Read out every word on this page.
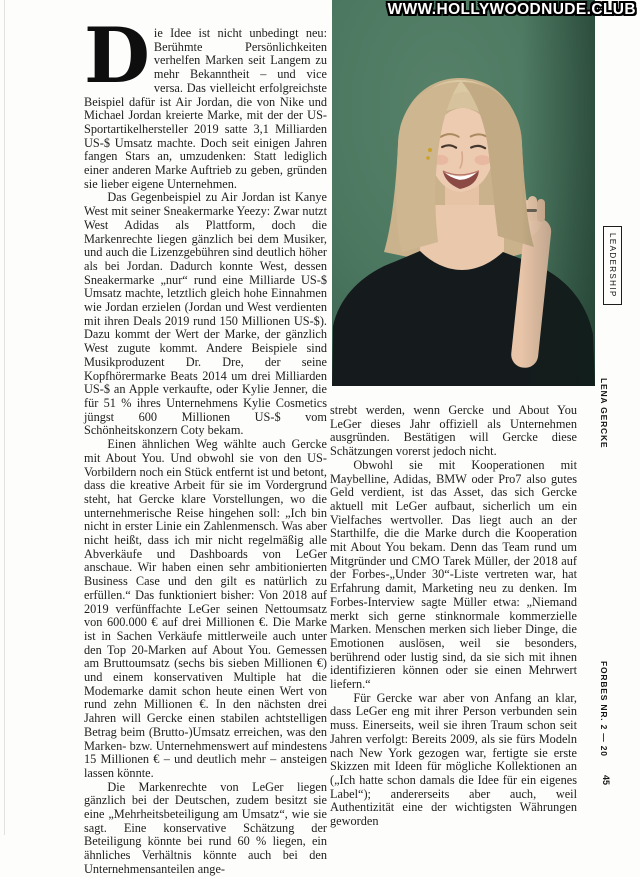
Die Idee ist nicht unbedingt neu: Berühmte Persönlichkeiten verhelfen Marken seit Langem zu mehr Bekanntheit – und vice versa. Das vielleicht erfolgreichste Beispiel dafür ist Air Jordan, die von Nike und Michael Jordan kreierte Marke, mit der der US-Sportartikelhersteller 2019 satte 3,1 Milliarden US-$ Umsatz machte. Doch seit einigen Jahren fangen Stars an, umzudenken: Statt lediglich einer anderen Marke Auftrieb zu geben, gründen sie lieber eigene Unternehmen.

Das Gegenbeispiel zu Air Jordan ist Kanye West mit seiner Sneakermarke Yeezy: Zwar nutzt West Adidas als Plattform, doch die Markenrechte liegen gänzlich bei dem Musiker, und auch die Lizenzgebühren sind deutlich höher als bei Jordan. Dadurch konnte West, dessen Sneakermarke „nur“ rund eine Milliarde US-$ Umsatz machte, letztlich gleich hohe Einnahmen wie Jordan erzielen (Jordan und West verdienten mit ihren Deals 2019 rund 150 Millionen US-$). Dazu kommt der Wert der Marke, der gänzlich West zugute kommt. Andere Beispiele sind Musikproduzent Dr. Dre, der seine Kopfhörermarke Beats 2014 um drei Milliarden US-$ an Apple verkaufte, oder Kylie Jenner, die für 51 % ihres Unternehmens Kylie Cosmetics jüngst 600 Millionen US-$ vom Schönheitskonzern Coty bekam.

Einen ähnlichen Weg wählte auch Gercke mit About You. Und obwohl sie von den US-Vorbildern noch ein Stück entfernt ist und betont, dass die kreative Arbeit für sie im Vordergrund steht, hat Gercke klare Vorstellungen, wo die unternehmerische Reise hingehen soll: „Ich bin nicht in erster Linie ein Zahlenmensch. Was aber nicht heißt, dass ich mir nicht regelmäßig alle Abverkäufe und Dashboards von LeGer anschaue. Wir haben einen sehr ambitionierten Business Case und den gilt es natürlich zu erfüllen.“ Das funktioniert bisher: Von 2018 auf 2019 verfünffachte LeGer seinen Nettoumsatz von 600.000 € auf drei Millionen €. Die Marke ist in Sachen Verkäufe mittlerweile auch unter den Top 20-Marken auf About You. Gemessen am Bruttoumsatz (sechs bis sieben Millionen €) und einem konservativen Multiple hat die Modemarke damit schon heute einen Wert von rund zehn Millionen €. In den nächsten drei Jahren will Gercke einen stabilen achtstelligen Betrag beim (Brutto-)Umsatz erreichen, was den Marken- bzw. Unternehmenswert auf mindestens 15 Millionen € – und deutlich mehr – ansteigen lassen könnte.

Die Markenrechte von LeGer liegen gänzlich bei der Deutschen, zudem besitzt sie eine „Mehrheitsbeteiligung am Umsatz“, wie sie sagt. Eine konservative Schätzung der Beteiligung könnte bei rund 60 % liegen, ein ähnliches Verhältnis könnte auch bei den Unternehmensanteilen ange-

WWW.HOLLYWOODNUDE.CLUB

strebt werden, wenn Gercke und About You LeGer dieses Jahr offiziell als Unternehmen ausgründen. Bestätigen will Gercke diese Schätzungen vorerst jedoch nicht.

Obwohl sie mit Kooperationen mit Maybelline, Adidas, BMW oder Pro7 also gutes Geld verdient, ist das Asset, das sich Gercke aktuell mit LeGer aufbaut, sicherlich um ein Vielfaches wertvoller. Das liegt auch an der Starthilfe, die die Marke durch die Kooperation mit About You bekam. Denn das Team rund um Mitgründer und CMO Tarek Müller, der 2018 auf der Forbes-„Under 30“-Liste vertreten war, hat Erfahrung damit, Marketing neu zu denken. Im Forbes-Interview sagte Müller etwa: „Niemand merkt sich gerne stinknormale kommerzielle Marken. Menschen merken sich lieber Dinge, die Emotionen auslösen, weil sie besonders, berührend oder lustig sind, da sie sich mit ihnen identifizieren können oder sie einen Mehrwert liefern.“

Für Gercke war aber von Anfang an klar, dass LeGer eng mit ihrer Person verbunden sein muss. Einerseits, weil sie ihren Traum schon seit Jahren verfolgt: Bereits 2009, als sie fürs Modeln nach New York gezogen war, fertigte sie erste Skizzen mit Ideen für mögliche Kollektionen an („Ich hatte schon damals die Idee für ein eigenes Label“); andererseits aber auch, weil Authentizität eine der wichtigsten Währungen geworden

LEADERSHIP
LENA GERCKE
FORBES NR. 2 — 20
45
